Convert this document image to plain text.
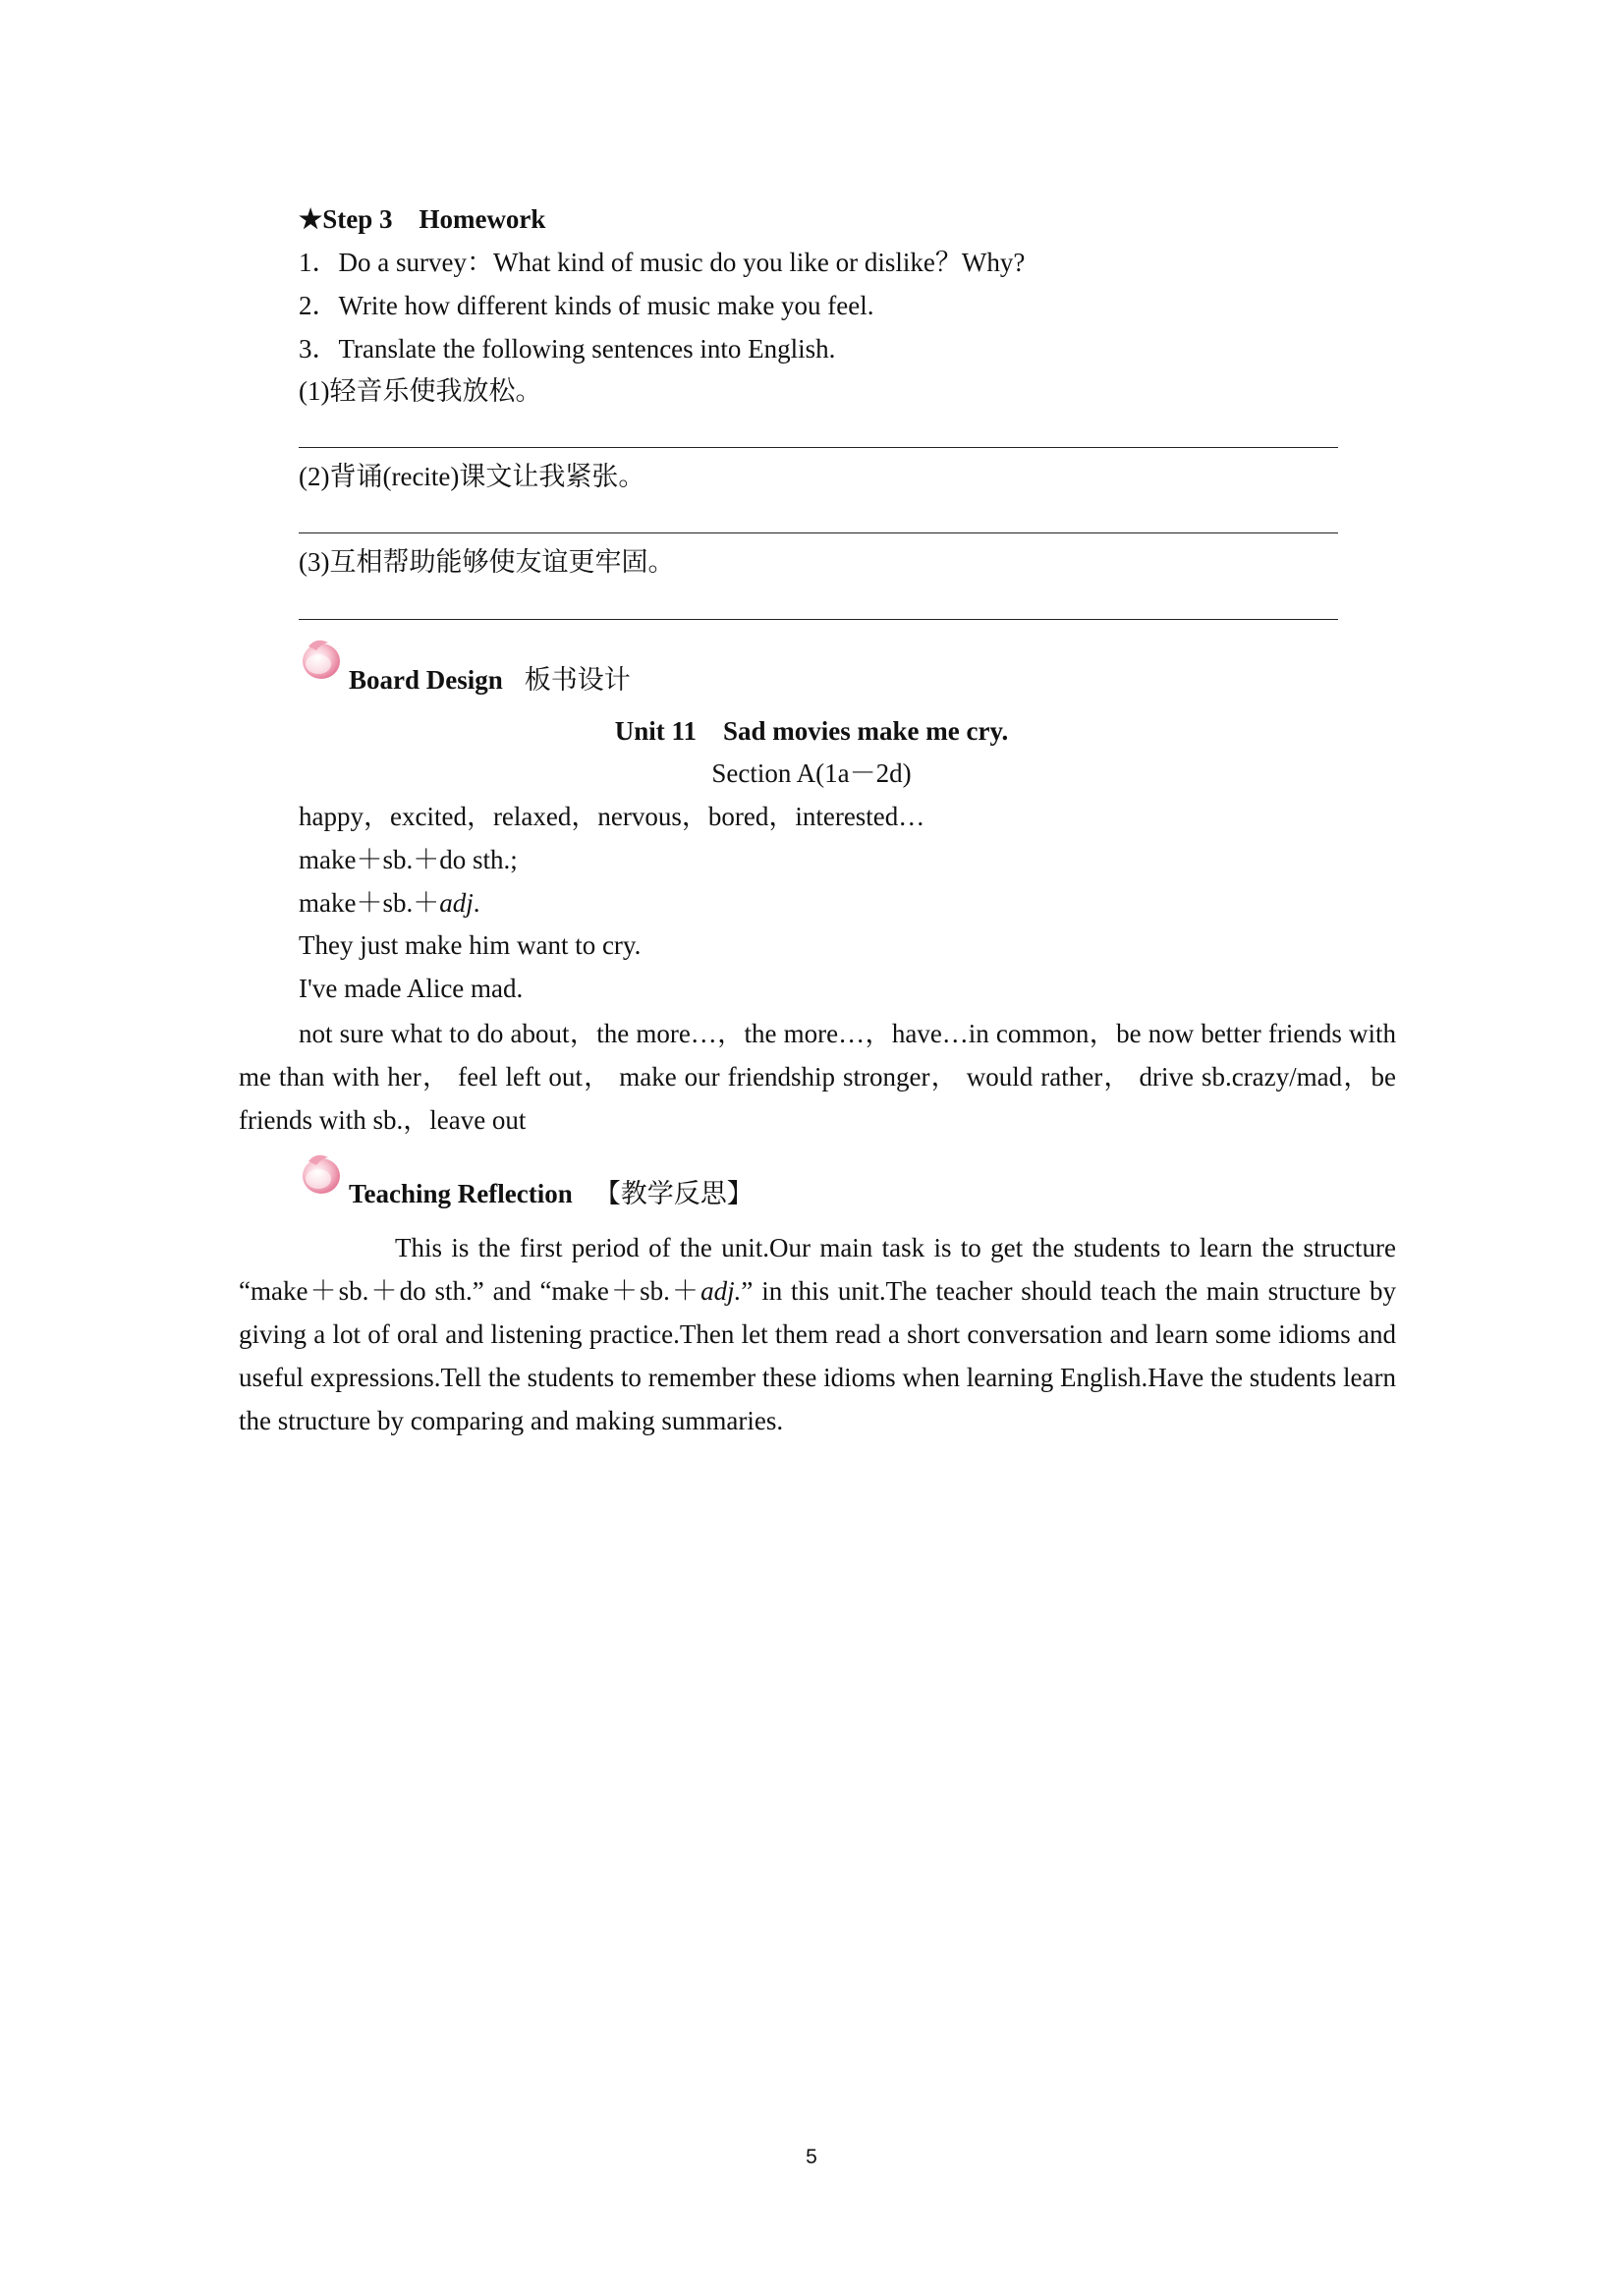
★Step 3　Homework
1．Do a survey：What kind of music do you like or dislike？Why?
2．Write how different kinds of music make you feel.
3．Translate the following sentences into English.
(1)轻音乐使我放松。
(2)背诵(recite)课文让我紧张。
(3)互相帮助能够使友谊更牢固。
Board Design 板书设计
Unit 11　Sad movies make me cry.
Section A(1a－2d)
happy，excited，relaxed，nervous，bored，interested…
make＋sb.＋do sth.;
make＋sb.＋adj.
They just make him want to cry.
I've made Alice mad.
not sure what to do about，the more…，the more…，have…in common，be now better friends with me than with her， feel left out， make our friendship stronger， would rather， drive sb.crazy/mad，be friends with sb.，leave out
Teaching Reflection 【教学反思】
This is the first period of the unit.Our main task is to get the students to learn the structure “make＋sb.＋do sth.” and “make＋sb.＋adj.” in this unit.The teacher should teach the main structure by giving a lot of oral and listening practice.Then let them read a short conversation and learn some idioms and useful expressions.Tell the students to remember these idioms when learning English.Have the students learn the structure by comparing and making summaries.
5
